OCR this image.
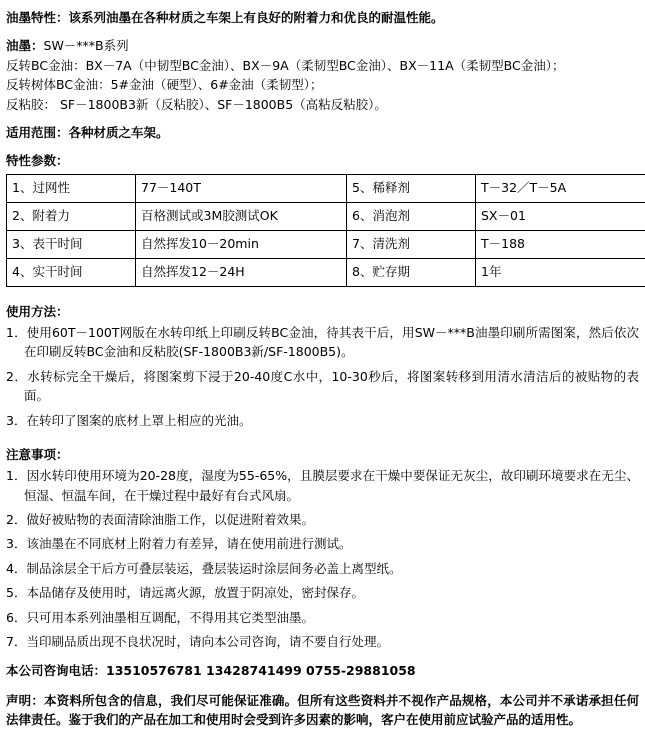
油墨特性：该系列油墨在各种材质之车架上有良好的附着力和优良的耐温性能。

油墨：SW－***B系列

反转BC金油：BX－7A（中韧型BC金油）、BX－9A（柔韧型BC金油）、BX－11A（柔韧型BC金油）；

反转树体BC金油：5#金油（硬型）、6#金油（柔韧型）；

反粘胶： SF－1800B3新（反粘胶）、SF－1800B5（高粘反粘胶）。

适用范围：各种材质之车架。

特性参数：

1、过网性	77－140T	5、稀释剂	T－32／T－5A
2、附着力	百格测试或3M胶测试OK	6、消泡剂	SX－01
3、表干时间	自然挥发10－20min	7、清洗剂	T－188
4、实干时间	自然挥发12－24H	8、贮存期	1年

使用方法：

1．使用60T－100T网版在水转印纸上印刷反转BC金油，待其表干后，用SW－***B油墨印刷所需图案，然后依次在印刷反转BC金油和反粘胶(SF-1800B3新/SF-1800B5)。

2．水转标完全干燥后，将图案剪下浸于20-40度C水中，10-30秒后，将图案转移到用清水清洁后的被贴物的表面。

3．在转印了图案的底材上罩上相应的光油。

注意事项：

1．因水转印使用环境为20-28度，湿度为55-65%，且膜层要求在干燥中要保证无灰尘，故印刷环境要求在无尘、恒湿、恒温车间，在干燥过程中最好有台式风扇。

2．做好被贴物的表面清除油脂工作，以促进附着效果。

3．该油墨在不同底材上附着力有差异，请在使用前进行测试。

4．制品涂层全干后方可叠层装运，叠层装运时涂层间务必盖上离型纸。

5．本品储存及使用时，请远离火源，放置于阴凉处，密封保存。

6．只可用本系列油墨相互调配，不得用其它类型油墨。

7．当印刷品质出现不良状况时，请向本公司咨询，请不要自行处理。

本公司咨询电话：13510576781 13428741499 0755-29881058

声明：本资料所包含的信息，我们尽可能保证准确。但所有这些资料并不视作产品规格，本公司并不承诺承担任何法律责任。鉴于我们的产品在加工和使用时会受到许多因素的影响，客户在使用前应试验产品的适用性。
